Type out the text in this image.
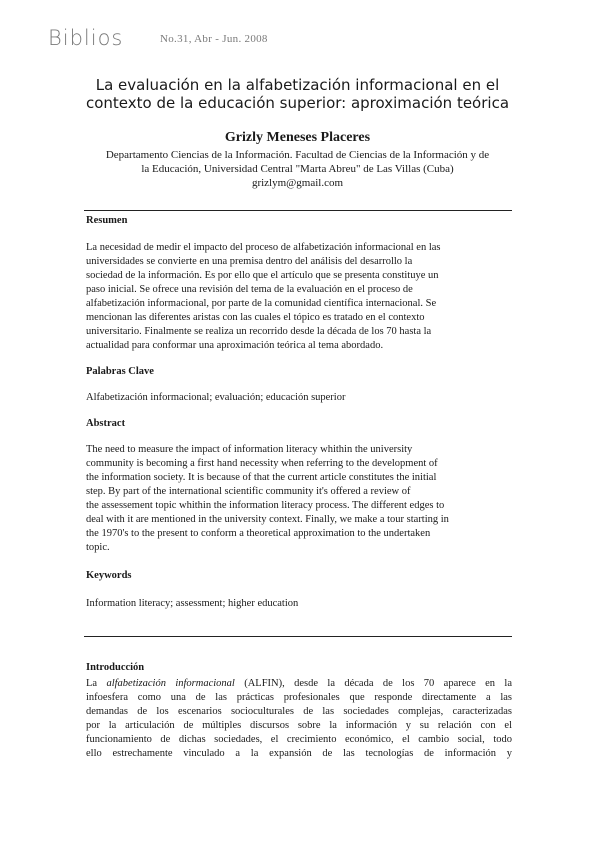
Biblios	No.31, Abr - Jun. 2008
La evaluación en la alfabetización informacional en el
contexto de la educación superior: aproximación teórica
Grizly Meneses Placeres
Departamento Ciencias de la Información. Facultad de Ciencias de la Información y de
la Educación, Universidad Central "Marta Abreu" de Las Villas (Cuba)
grizlym@gmail.com
Resumen
La necesidad de medir el impacto del proceso de alfabetización informacional en las
universidades se convierte en una premisa dentro del análisis del desarrollo la
sociedad de la información. Es por ello que el artículo que se presenta constituye un
paso inicial. Se ofrece una revisión del tema de la evaluación en el proceso de
alfabetización informacional, por parte de la comunidad científica internacional. Se
mencionan las diferentes aristas con las cuales el tópico es tratado en el contexto
universitario. Finalmente se realiza un recorrido desde la década de los 70 hasta la
actualidad para conformar una aproximación teórica al tema abordado.
Palabras Clave
Alfabetización informacional; evaluación; educación superior
Abstract
The need to measure the impact of information literacy whithin the university
community is becoming a first hand necessity when referring to the development of
the information society. It is because of that the current article constitutes the initial
step. By part of the international scientific community it's offered a review of
the assessement topic whithin the information literacy process. The different edges to
deal with it are mentioned in the university context. Finally, we make a tour starting in
the 1970's to the present to conform a theoretical approximation to the undertaken
topic.
Keywords
Information literacy; assessment; higher education
Introducción
La alfabetización informacional (ALFIN), desde la década de los 70 aparece en la
infoesfera como una de las prácticas profesionales que responde directamente a las
demandas de los escenarios socioculturales de las sociedades complejas, caracterizadas
por la articulación de múltiples discursos sobre la información y su relación con el
funcionamiento de dichas sociedades, el crecimiento económico, el cambio social, todo
ello estrechamente vinculado a la expansión de las tecnologías de información y
